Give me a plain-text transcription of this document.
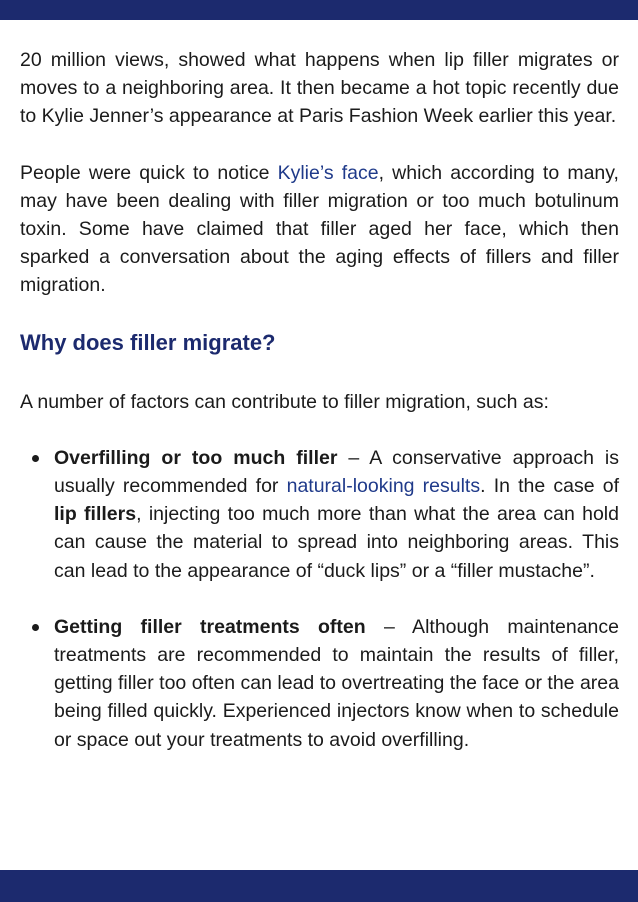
20 million views, showed what happens when lip filler migrates or moves to a neighboring area. It then became a hot topic recently due to Kylie Jenner’s appearance at Paris Fashion Week earlier this year.

People were quick to notice Kylie’s face, which according to many, may have been dealing with filler migration or too much botulinum toxin. Some have claimed that filler aged her face, which then sparked a conversation about the aging effects of fillers and filler migration.

Why does filler migrate?

A number of factors can contribute to filler migration, such as:

Overfilling or too much filler – A conservative approach is usually recommended for natural-looking results. In the case of lip fillers, injecting too much more than what the area can hold can cause the material to spread into neighboring areas. This can lead to the appearance of “duck lips” or a “filler mustache”.
Getting filler treatments often – Although maintenance treatments are recommended to maintain the results of filler, getting filler too often can lead to overtreating the face or the area being filled quickly. Experienced injectors know when to schedule or space out your treatments to avoid overfilling.
